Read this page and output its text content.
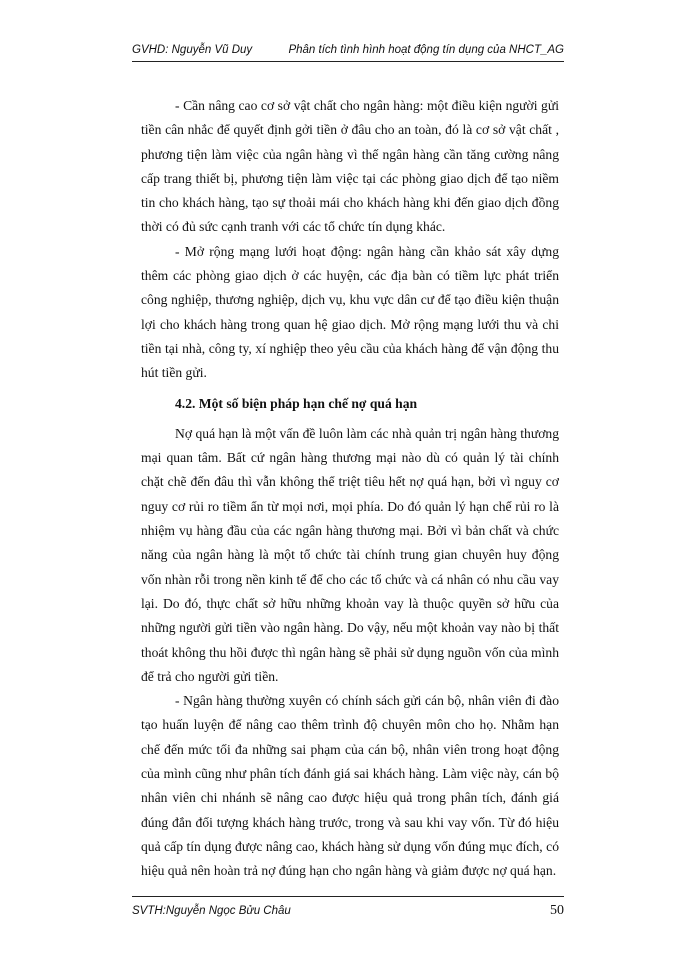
GVHD: Nguyễn Vũ Duy	Phân tích tình hình hoạt động tín dụng của NHCT_AG

- Cần nâng cao cơ sở vật chất cho ngân hàng: một điều kiện người gửi tiền cân nhắc để quyết định gởi tiền ở đâu cho an toàn, đó là cơ sở vật chất , phương tiện làm việc của ngân hàng vì thế ngân hàng cần tăng cường nâng cấp trang thiết bị, phương tiện làm việc tại các phòng giao dịch để tạo niềm tin cho khách hàng, tạo sự thoải mái cho khách hàng khi đến giao dịch đồng thời có đủ sức cạnh tranh với các tổ chức tín dụng khác.

- Mở rộng mạng lưới hoạt động: ngân hàng cần khảo sát xây dựng thêm các phòng giao dịch ở các huyện, các địa bàn có tiềm lực phát triển công nghiệp, thương nghiệp, dịch vụ, khu vực dân cư để tạo điều kiện thuận lợi cho khách hàng trong quan hệ giao dịch. Mở rộng mạng lưới thu và chi tiền tại nhà, công ty, xí nghiệp theo yêu cầu của khách hàng để vận động thu hút tiền gửi.

4.2. Một số biện pháp hạn chế nợ quá hạn

Nợ quá hạn là một vấn đề luôn làm các nhà quản trị ngân hàng thương mại quan tâm. Bất cứ ngân hàng thương mại nào dù có quản lý tài chính chặt chẽ đến đâu thì vẫn không thể triệt tiêu hết nợ quá hạn, bởi vì nguy cơ nguy cơ rủi ro tiềm ẩn từ mọi nơi, mọi phía. Do đó quản lý hạn chế rủi ro là nhiệm vụ hàng đầu của các ngân hàng thương mại. Bởi vì bản chất và chức năng của ngân hàng là một tổ chức tài chính trung gian chuyên huy động vốn nhàn rỗi trong nền kinh tế để cho các tổ chức và cá nhân có nhu cầu vay lại. Do đó, thực chất sở hữu những khoản vay là thuộc quyền sở hữu của những người gửi tiền vào ngân hàng. Do vậy, nếu một khoản vay nào bị thất thoát không thu hồi được thì ngân hàng sẽ phải sử dụng nguồn vốn của mình để trả cho người gửi tiền.

- Ngân hàng thường xuyên có chính sách gửi cán bộ, nhân viên đi đào tạo huấn luyện để nâng cao thêm trình độ chuyên môn cho họ. Nhằm hạn chế đến mức tối đa những sai phạm của cán bộ, nhân viên trong hoạt động của mình cũng như phân tích đánh giá sai khách hàng. Làm việc này, cán bộ nhân viên chi nhánh sẽ nâng cao được hiệu quả trong phân tích, đánh giá đúng đắn đối tượng khách hàng trước, trong và sau khi vay vốn. Từ đó hiệu quả cấp tín dụng được nâng cao, khách hàng sử dụng vốn đúng mục đích, có hiệu quả nên hoàn trả nợ đúng hạn cho ngân hàng và giảm được nợ quá hạn.

SVTH:Nguyễn Ngọc Bửu Châu	50
